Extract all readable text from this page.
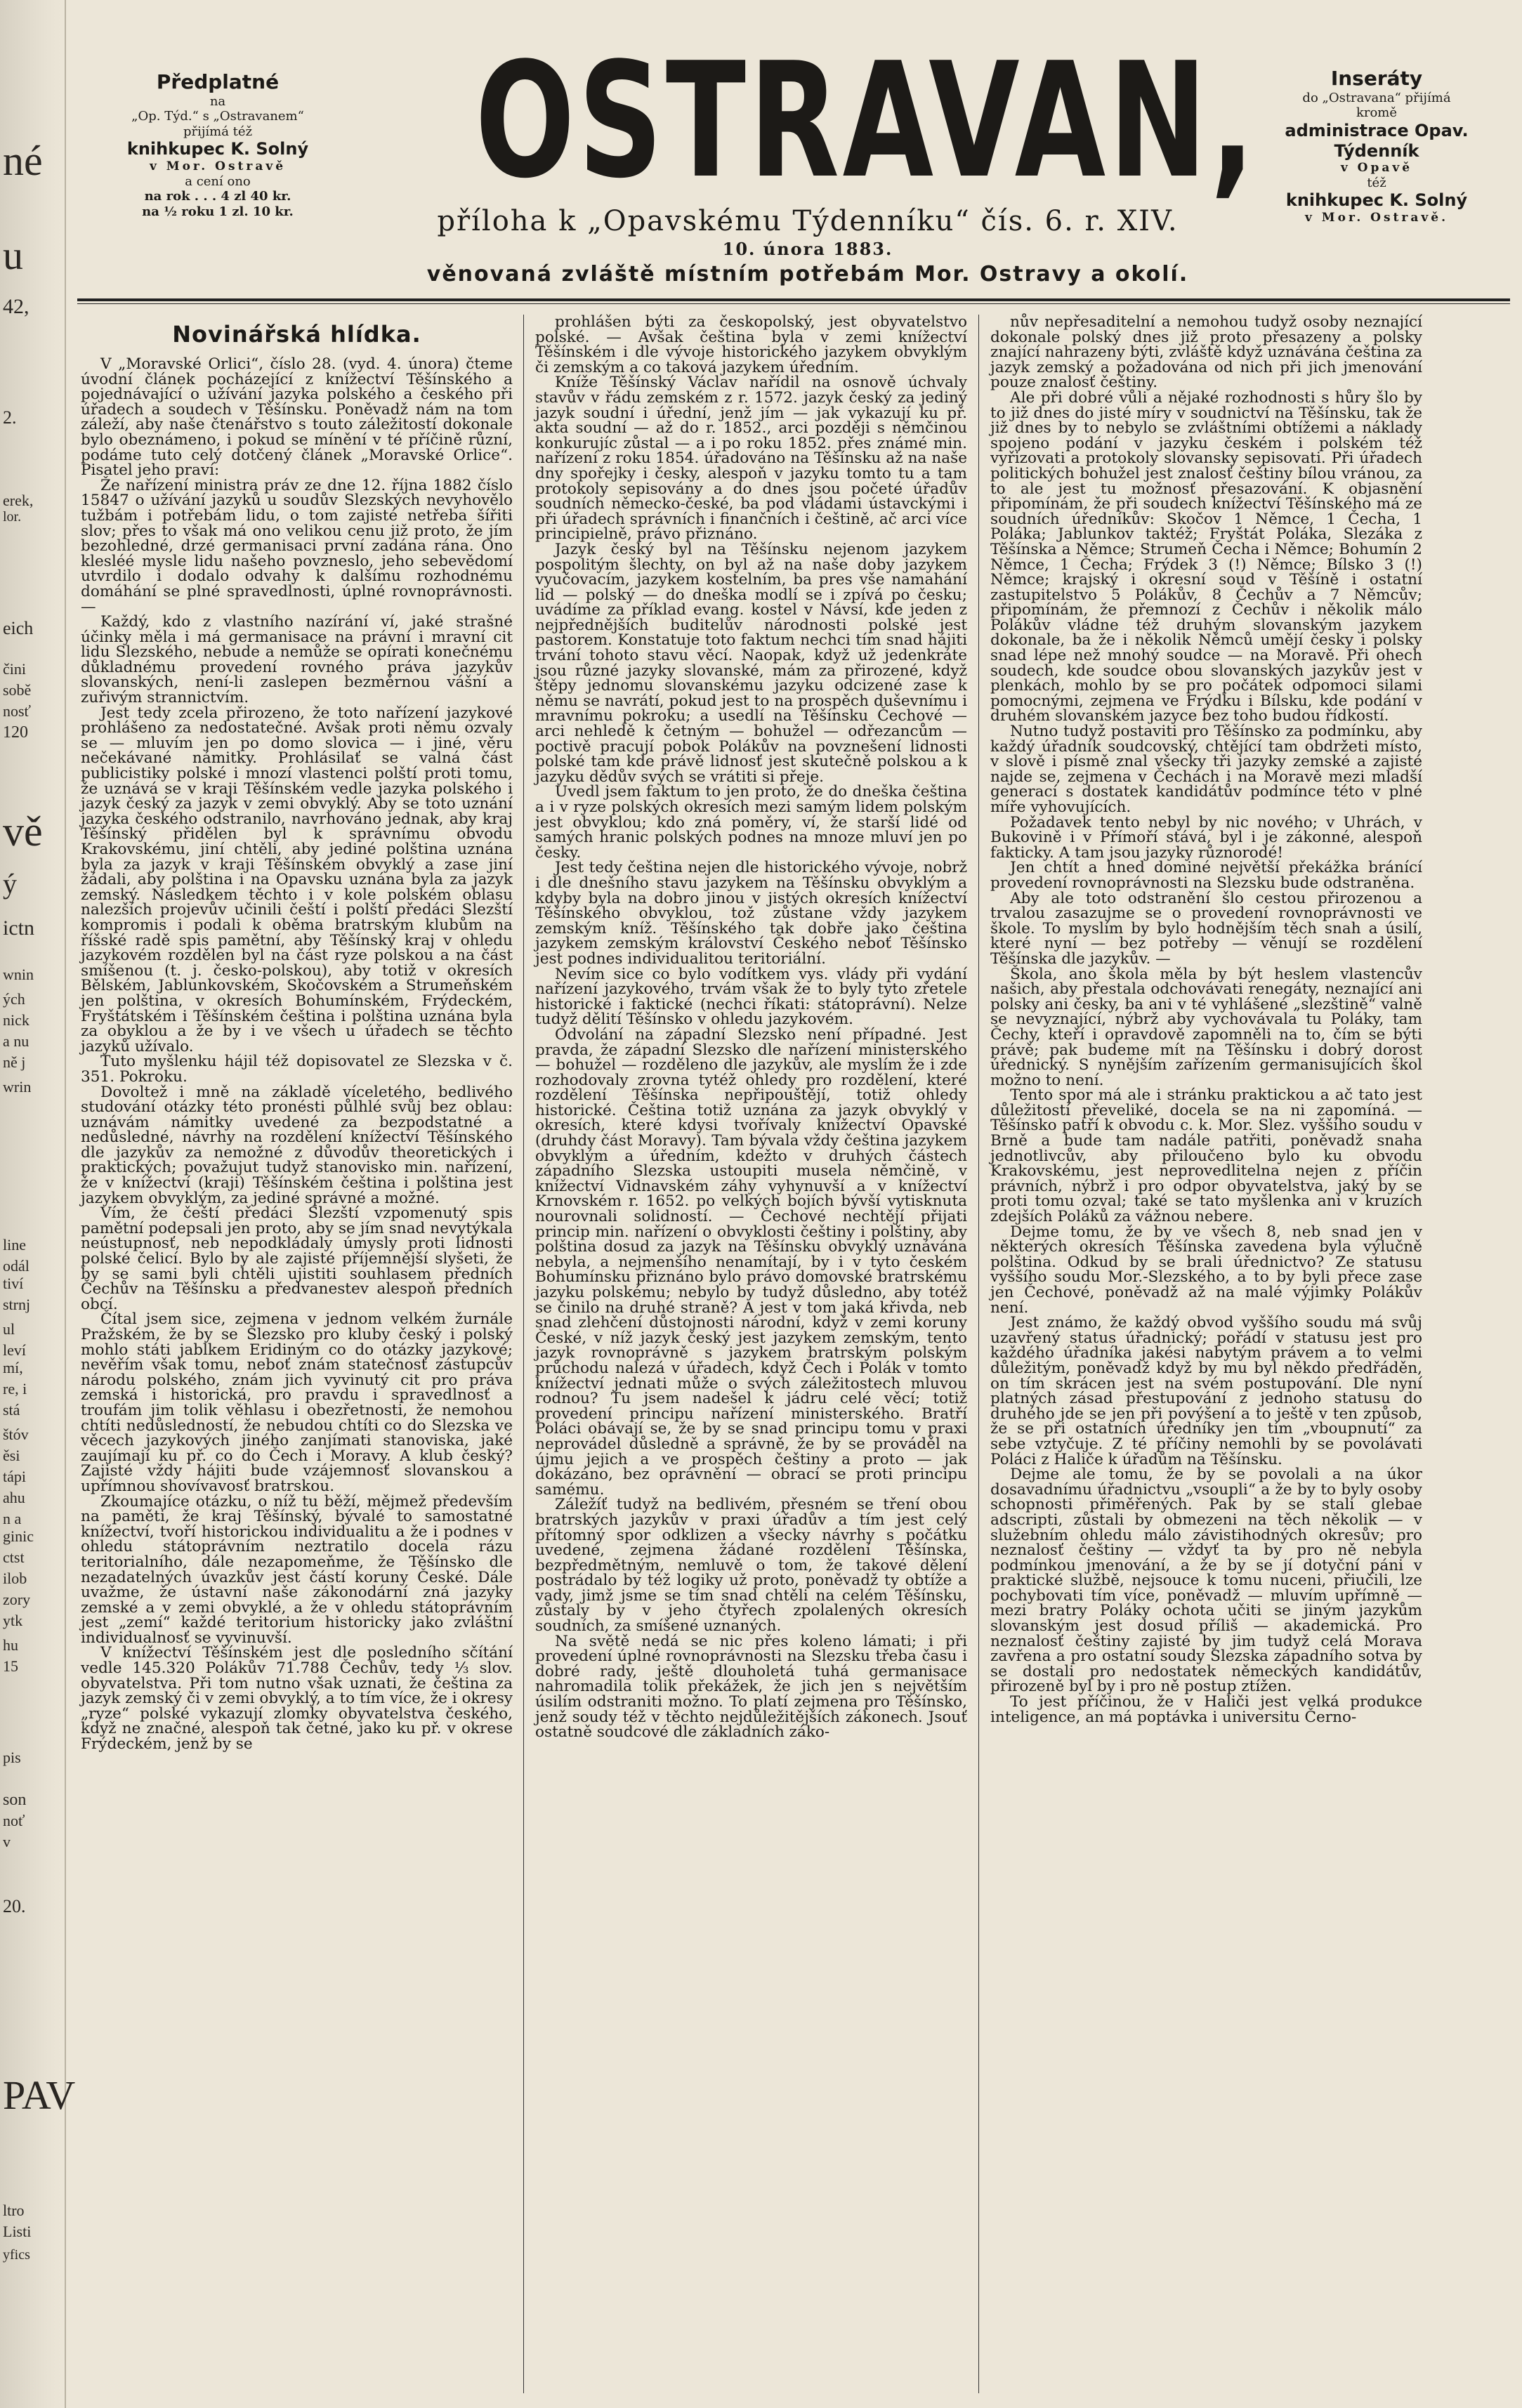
né
u
42,
2.
erek,
lor.
eich
čini
sobě
nosť
120
vě
ý
ictn
wnin
ých
nick
a nu
ně j
wrin
line
odál
tiví
strnj
ul
leví
mí,
re, i
stá
štóv
ěsi
tápi
ahu
n a
ginic
ctst
ilob
zory
ytk
hu
15
pis
son
noť
v
20.
PAV
ltro
Listi
yfics
Předplatné
na
„Op. Týd.“ s „Ostravanem“
přijímá též
knihkupec K. Solný
v Mor. Ostravě
a cení ono
na rok . . . 4 zl 40 kr.
na ½ roku 1 zl. 10 kr.	OSTRAVAN,
příloha k „Opavskému Týdenníku“ čís. 6. r. XIV.
10. února 1883.
věnovaná zvláště místním potřebám Mor. Ostravy a okolí.
Inseráty
do „Ostravana“ přijímá
kromě
administrace Opav. Týdenník
v Opavě
též
knihkupec K. Solný
v Mor. Ostravě.
Novinářská hlídka.

V „Moravské Orlici“, číslo 28. (vyd. 4. února) čteme úvodní článek pocházející z knížectví Těšínského a pojednávající o užívání jazyka polského a českého při úřadech a soudech v Těšínsku. Poněvadž nám na tom záleží, aby naše čtenářstvo s touto záležitostí dokonale bylo obeznámeno, i pokud se mínění v té příčině různí, podáme tuto celý dotčený článek „Moravské Orlice“. Pisatel jeho praví:

Že nařízení ministra práv ze dne 12. října 1882 číslo 15847 o užívání jazyků u soudův Slezských nevyhovělo tužbám i potřebám lidu, o tom zajisté netřeba šířiti slov; přes to však má ono velikou cenu již proto, že jím bezohledné, drzé germanisaci první zadána rána. Ono klesléé mysle lidu našeho povzneslo, jeho sebevědomí utvrdilo i dodalo odvahy k dalšímu rozhodnému domáhání se plné spravedlnosti, úplné rovnoprávnosti. —

Každý, kdo z vlastního nazírání ví, jaké strašné účinky měla i má germanisace na právní i mravní cit lidu Slezského, nebude a nemůže se opírati konečnému důkladnému provedení rovného práva jazykův slovanských, není-li zaslepen bezměrnou vášní a zuřivým strannictvím.

Jest tedy zcela přirozeno, že toto nařízení jazykové prohlášeno za nedostatečné. Avšak proti němu ozvaly se — mluvím jen po domo slovica — i jiné, věru nečekávané námitky. Prohlásilať se valná část publicistiky polské i mnozí vlastenci polští proti tomu, že uznává se v kraji Těšínském vedle jazyka polského i jazyk český za jazyk v zemi obvyklý. Aby se toto uznání jazyka českého odstranilo, navrhováno jednak, aby kraj Těšínský přidělen byl k správnímu obvodu Krakovskému, jiní chtěli, aby jediné polština uznána byla za jazyk v kraji Těšínském obvyklý a zase jiní žádali, aby polština i na Opavsku uznána byla za jazyk zemský. Následkem těchto i v kole polském oblasu nalezších projevův učinili čeští i polští předáci Slezští kompromis i podali k oběma bratrským klubům na říšské radě spis pamětní, aby Těšínský kraj v ohledu jazykovém rozdělen byl na část ryze polskou a na část smíšenou (t. j. česko-polskou), aby totiž v okresích Bělském, Jablunkovském, Skočovském a Strumeňském jen polština, v okresích Bohumínském, Frýdeckém, Fryštátském i Těšínském čeština i polština uznána byla za obyklou a že by i ve všech u úřadech se těchto jazyků užívalo.

Tuto myšlenku hájil též dopisovatel ze Slezska v č. 351. Pokroku.

Dovoltež i mně na základě víceletého, bedlivého studování otázky této pronésti půlhlé svůj bez oblau: uznávám námitky uvedené za bezpodstatné a nedůsledné, návrhy na rozdělení knížectví Těšínského dle jazykův za nemožné z důvodův theoretických i praktických; považujut tudyž stanovisko min. nařízení, že v knížectví (kraji) Těšínském čeština i polština jest jazykem obvyklým, za jediné správné a možné.

Vím, že čeští předáci Slezští vzpomenutý spis pamětní podepsali jen proto, aby se jím snad nevytýkala neústupnosť, neb nepodkládaly úmysly proti lidnosti polské čelicí. Bylo by ale zajisté příjemnější slyšeti, že by se sami byli chtěli ujistiti souhlasem předních Čechův na Těšínsku a předvanestev alespoň předních obcí.

Čítal jsem sice, zejmena v jednom velkém žurnále Pražském, že by se Slezsko pro kluby český i polský mohlo státi jablkem Eridiným co do otázky jazykové; nevěřím však tomu, neboť znám statečnosť zástupcův národu polského, znám jich vyvinutý cit pro práva zemská i historická, pro pravdu i spravedlnosť a troufám jim tolik věhlasu i obezřetnosti, že nemohou chtíti nedůsledností, že nebudou chtíti co do Slezska ve věcech jazykových jiného zanjímati stanoviska, jaké zaujímají ku př. co do Čech i Moravy. A klub český? Zajisté vždy hájiti bude vzájemnosť slovanskou a upřímnou shovívavosť bratrskou.

Zkoumajíce otázku, o níž tu běží, mějmež především na paměti, že kraj Těšínský, bývalé to samostatné knížectví, tvoří historickou individualitu a že i podnes v ohledu státoprávním neztratilo docela rázu teritorialního, dále nezapomeňme, že Těšínsko dle nezadatelných úvazkův jest částí koruny České. Dále uvažme, že ústavní naše zákonodární zná jazyky zemské a v zemi obvyklé, a že v ohledu státoprávním jest „zemí“ každé teritorium historicky jako zvláštní individualnosť se vyvinuvší.

V knížectví Těšínském jest dle posledního sčítání vedle 145.320 Polákův 71.788 Čechův, tedy ⅓ slov. obyvatelstva. Při tom nutno však uznati, že čeština za jazyk zemský či v zemi obvyklý, a to tím více, že i okresy „ryze“ polské vykazují zlomky obyvatelstva českého, když ne značné, alespoň tak četné, jako ku př. v okrese Frýdeckém, jenž by se

prohlášen býti za českopolský, jest obyvatelstvo polské. — Avšak čeština byla v zemi knížectví Těšínském i dle vývoje historického jazykem obvyklým či zemským a co taková jazykem úředním.

Kníže Těšínský Václav nařídil na osnově úchvaly stavův v řádu zemském z r. 1572. jazyk český za jediný jazyk soudní i úřední, jenž jím — jak vykazují ku př. akta soudní — až do r. 1852., arci později s němčinou konkurujíc zůstal — a i po roku 1852. přes známé min. nařízení z roku 1854. úřadováno na Těšínsku až na naše dny spořejky i česky, alespoň v jazyku tomto tu a tam protokoly sepisovány a do dnes jsou početé úřadův soudních německo-české, ba pod vládami ústavckými i při úřadech správních i finančních i češtině, ač arci více principielně, právo přiznáno.

Jazyk český byl na Těšínsku nejenom jazykem pospolitým šlechty, on byl až na naše doby jazykem vyučovacím, jazykem kostelním, ba pres vše namahání lid — polský — do dneška modlí se i zpívá po česku; uvádíme za příklad evang. kostel v Návsí, kde jeden z nejpřednějších buditelův národnosti polské jest pastorem. Konstatuje toto faktum nechci tím snad hájiti trvání tohoto stavu věcí. Naopak, když už jedenkráte jsou různé jazyky slovanské, mám za přirozené, když štěpy jednomu slovanskému jazyku odcizené zase k němu se navrátí, pokud jest to na prospěch duševnímu i mravnímu pokroku; a usedlí na Těšínsku Čechové — arci nehledě k četným — bohužel — odřezancům — poctivě pracují pobok Polákův na povznešení lidnosti polské tam kde právě lidnosť jest skutečně polskou a k jazyku dědův svých se vrátiti si přeje.

Uvedl jsem faktum to jen proto, že do dneška čeština a i v ryze polských okresích mezi samým lidem polským jest obvyklou; kdo zná poměry, ví, že starší lidé od samých hranic polských podnes na mnoze mluví jen po česky.

Jest tedy čeština nejen dle historického vývoje, nobrž i dle dnešního stavu jazykem na Těšínsku obvyklým a kdyby byla na dobro jinou v jistých okresích knížectví Těšínského obvyklou, tož zůstane vždy jazykem zemským kníž. Těšínského tak dobře jako čeština jazykem zemským království Českého neboť Těšínsko jest podnes individualitou teritoriální.

Nevím sice co bylo vodítkem vys. vlády při vydání nařízení jazykového, trvám však že to byly tyto zřetele historické i faktické (nechci říkati: státoprávní). Nelze tudyž dělití Těšínsko v ohledu jazykovém.

Odvolání na západní Slezsko není případné. Jest pravda, že západní Slezsko dle nařízení ministerského — bohužel — rozděleno dle jazykův, ale myslím že i zde rozhodovaly zrovna tytéž ohledy pro rozdělení, které rozdělení Těšínska nepřipouštějí, totiž ohledy historické. Čeština totiž uznána za jazyk obvyklý v okresích, které kdysi tvořívaly knížectví Opavské (druhdy část Moravy). Tam bývala vždy čeština jazykem obvyklým a úředním, kdežto v druhých částech západního Slezska ustoupiti musela němčině, v knížectví Vidnavském záhy vyhynuvší a v knížectví Krnovském r. 1652. po velkých bojích bývší vytisknuta nourovnali solidností. — Čechové nechtějí přijati princip min. nařízení o obvyklosti češtiny i polštiny, aby polština dosud za jazyk na Těšínsku obvyklý uznávána nebyla, a nejmenšího nenamítají, by i v tyto českém Bohumínsku přiznáno bylo právo domovské bratrskému jazyku polskému; nebylo by tudyž důsledno, aby totéž se činilo na druhé straně? A jest v tom jaká křivda, neb snad zlehčení důstojnosti národní, když v zemi koruny České, v níž jazyk český jest jazykem zemským, tento jazyk rovnoprávně s jazykem bratrským polským průchodu nalezá v úřadech, když Čech i Polák v tomto knížectví jednati může o svých záležitostech mluvou rodnou? Tu jsem nadešel k jádru celé věcí; totiž provedení principu nařízení ministerského. Bratří Poláci obávají se, že by se snad principu tomu v praxi neprovádel důsledně a správně, že by se prováděl na újmu jejich a ve prospěch češtiny a proto — jak dokázáno, bez oprávnění — obrací se proti principu samému.

Záležíť tudyž na bedlivém, přesném se tření obou bratrských jazykův v praxi úřadův a tím jest celý přítomný spor odklizen a všecky návrhy s počátku uvedené, zejmena žádané rozdělení Těšínska, bezpředmětným, nemluvě o tom, že takové dělení postrádalo by též logiky už proto, poněvadž ty obtíže a vady, jimž jsme se tím snad chtěli na celém Těšínsku, zůstaly by v jeho čtyřech zpolalených okresích soudních, za smíšené uznaných.

Na světě nedá se nic přes koleno lámati; i při provedení úplné rovnoprávnosti na Slezsku třeba času i dobré rady, ještě dlouholetá tuhá germanisace nahromadila tolik překážek, že jich jen s největším úsilím odstraniti možno. To platí zejmena pro Těšínsko, jenž soudy též v těchto nejdůležitějších zákonech. Jsouť ostatně soudcové dle základních záko-

nův nepřesaditelní a nemohou tudyž osoby neznající dokonale polský dnes již proto přesazeny a polsky znající nahrazeny býti, zvláště když uznávána čeština za jazyk zemský a požadována od nich při jich jmenování pouze znalosť češtiny.

Ale při dobré vůli a nějaké rozhodnosti s hůry šlo by to již dnes do jisté míry v soudnictví na Těšínsku, tak že již dnes by to nebylo se zvláštními obtížemi a náklady spojeno podání v jazyku českém i polském též vyřizovati a protokoly slovansky sepisovati. Při úřadech politických bohužel jest znalosť češtiny bílou vránou, za to ale jest tu možnosť přesazování. K objasnění připomínám, že při soudech knížectví Těšínského má ze soudních úředníkův: Skočov 1 Němce, 1 Čecha, 1 Poláka; Jablunkov taktéž; Fryštát Poláka, Slezáka z Těšínska a Němce; Strumeň Čecha i Němce; Bohumín 2 Němce, 1 Čecha; Frýdek 3 (!) Němce; Bílsko 3 (!) Němce; krajský i okresní soud v Těšíně i ostatní zastupitelstvo 5 Polákův, 8 Čechův a 7 Němcův; připomínám, že přemnozí z Čechův i několik málo Polákův vládne též druhým slovanským jazykem dokonale, ba že i několik Němců umějí česky i polsky snad lépe než mnohý soudce — na Moravě. Při ohech soudech, kde soudce obou slovanských jazykův jest v plenkách, mohlo by se pro počátek odpomoci silami pomocnými, zejmena ve Frýdku i Bílsku, kde podání v druhém slovanském jazyce bez toho budou řídkostí.

Nutno tudyž postaviti pro Těšínsko za podmínku, aby každý úřadník soudcovský, chtějící tam obdržeti místo, v slově i písmě znal všecky tři jazyky zemské a zajisté najde se, zejmena v Čechách i na Moravě mezi mladší generací s dostatek kandidátův podmínce této v plné míře vyhovujících.

Požadavek tento nebyl by nic nového; v Uhrách, v Bukovině i v Přímoří stává, byl i je zákonné, alespoň fakticky. A tam jsou jazyky různorodé!

Jen chtít a hned dominé největší překážka bránící provedení rovnoprávnosti na Slezsku bude odstraněna.

Aby ale toto odstranění šlo cestou přirozenou a trvalou zasazujme se o provedení rovnoprávnosti ve škole. To myslím by bylo hodnějším těch snah a úsilí, které nyní — bez potřeby — věnují se rozdělení Těšínska dle jazykův. —

Škola, ano škola měla by být heslem vlastencův našich, aby přestala odchovávati renegáty, neznající ani polsky ani česky, ba ani v té vyhlášené „slezštině“ valně se nevyznající, nýbrž aby vychovávala tu Poláky, tam Čechy, kteří i opravdově zapomněli na to, čím se býti právě; pak budeme mít na Těšínsku i dobrý dorost úřednický. S nynějším zařízením germanisujících škol možno to není.

Tento spor má ale i stránku praktickou a ač tato jest důležitostí převeliké, docela se na ni zapomíná. — Těšínsko patří k obvodu c. k. Mor. Slez. vyššího soudu v Brně a bude tam nadále patřiti, poněvadž snaha jednotlivcův, aby přiloučeno bylo ku obvodu Krakovskému, jest neprovedlitelna nejen z příčin právních, nýbrž i pro odpor obyvatelstva, jaký by se proti tomu ozval; také se tato myšlenka ani v kruzích zdejších Poláků za vážnou nebere.

Dejme tomu, že by ve všech 8, neb snad jen v některých okresích Těšínska zavedena byla výlučně polština. Odkud by se brali úřednictvo? Ze statusu vyššího soudu Mor.-Slezského, a to by byli přece zase jen Čechové, poněvadž až na malé výjimky Polákův není.

Jest známo, že každý obvod vyššího soudu má svůj uzavřený status úřadnický; pořádí v statusu jest pro každého úřadníka jakési nabytým právem a to velmi důležitým, poněvadž když by mu byl někdo předřáděn, on tím skrácen jest na svém postupování. Dle nyní platných zásad přestupování z jednoho statusu do druhého jde se jen při povýšení a to ještě v ten způsob, že se při ostatních úředníky jen tím „vboupnutí“ za sebe vztyčuje. Z té příčiny nemohli by se povolávati Poláci z Haliče k úřadům na Těšínsku.

Dejme ale tomu, že by se povolali a na úkor dosavadnímu úřadnictvu „vsoupli“ a že by to byly osoby schopnosti přiměřených. Pak by se stali glebae adscripti, zůstali by obmezeni na těch několik — v služebním ohledu málo závistihodných okresův; pro neznalosť češtiny — vždyť ta by pro ně nebyla podmínkou jmenování, a že by se jí dotyční páni v praktické službě, nejsouce k tomu nuceni, přiučili, lze pochybovati tím více, poněvadž — mluvím upřímně — mezi bratry Poláky ochota učiti se jiným jazykům slovanským jest dosud příliš — akademická. Pro neznalosť češtiny zajisté by jim tudyž celá Morava zavřena a pro ostatní soudy Slezska západního sotva by se dostali pro nedostatek německých kandidátův, přirozeně byl by i pro ně postup ztížen.

To jest příčinou, že v Haliči jest velká produkce inteligence, an má poptávka i universitu Černo-
